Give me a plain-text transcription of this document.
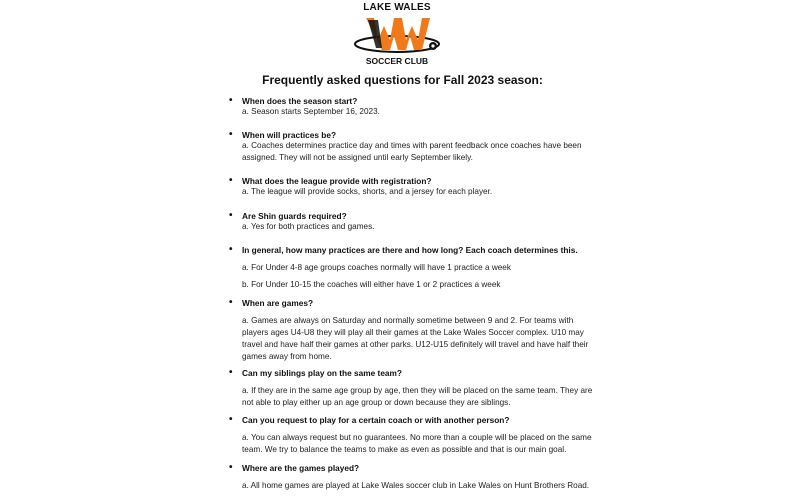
LAKE WALES
SOCCER CLUB
Frequently asked questions for Fall 2023 season:
• When does the season start?
a. Season starts September 16, 2023.
• When will practices be?
a. Coaches determines practice day and times with parent feedback once coaches have been
assigned. They will not be assigned until early September likely.
• What does the league provide with registration?
a. The league will provide socks, shorts, and a jersey for each player.
• Are Shin guards required?
a. Yes for both practices and games.
• In general, how many practices are there and how long? Each coach determines this.
a. For Under 4-8 age groups coaches normally will have 1 practice a week
b. For Under 10-15 the coaches will either have 1 or 2 practices a week
• When are games?
a. Games are always on Saturday and normally sometime between 9 and 2. For teams with
players ages U4-U8 they will play all their games at the Lake Wales Soccer complex. U10 may
travel and have half their games at other parks. U12-U15 definitely will travel and have half their
games away from home.
• Can my siblings play on the same team?
a. If they are in the same age group by age, then they will be placed on the same team. They are
not able to play either up an age group or down because they are siblings.
• Can you request to play for a certain coach or with another person?
a. You can always request but no guarantees. No more than a couple will be placed on the same
team. We try to balance the teams to make as even as possible and that is our main goal.
• Where are the games played?
a. All home games are played at Lake Wales soccer club in Lake Wales on Hunt Brothers Road.
